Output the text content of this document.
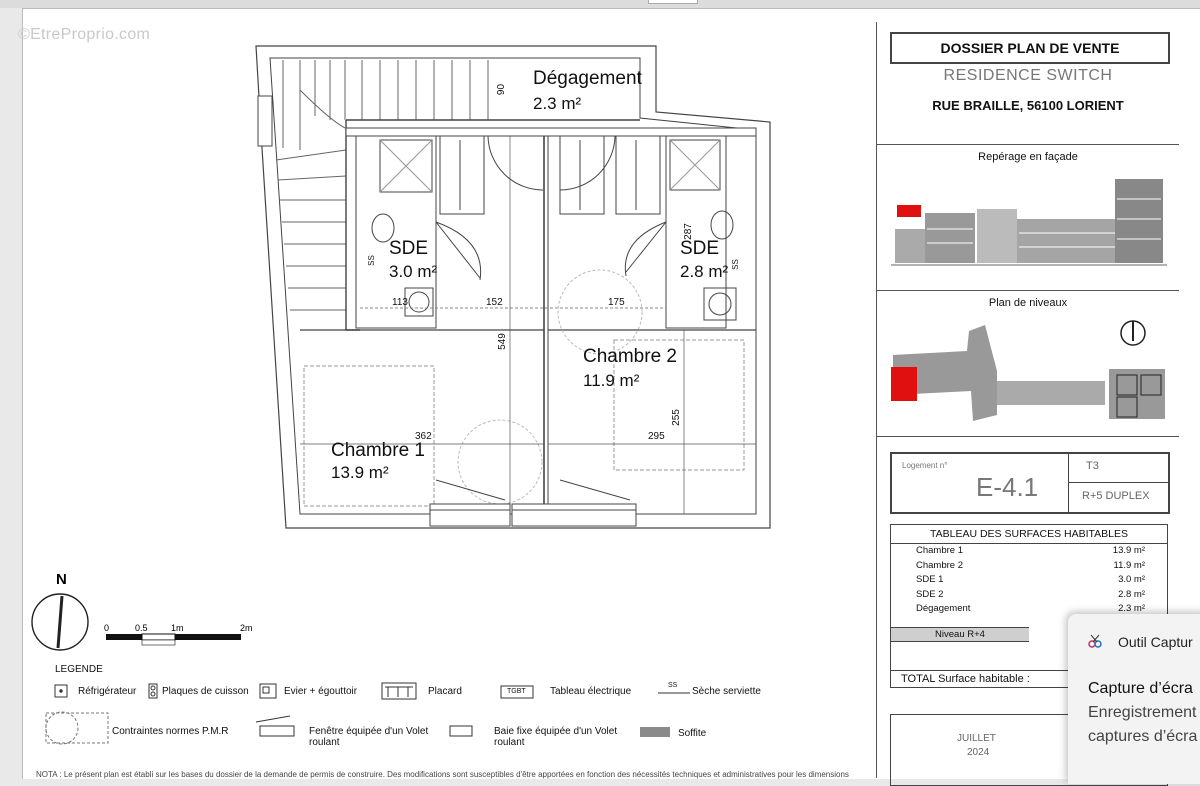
©EtreProprio.com
N
0	0.5	1m	2m
Dégagement
2.3 m²
SDE
3.0 m²
SDE
2.8 m²
Chambre 2
11.9 m²
Chambre 1
13.9 m²
90
113	152	175
287
549
255
362	295
SS	SS
LEGENDE
Réfrigérateur	Plaques de cuisson	Evier + égouttoir	Placard	TGBT Tableau électrique
SS
Sèche serviette
Contraintes normes P.M.R	Fenêtre équipée d'un Volet
roulant
Baie fixe équipée d'un Volet
roulant
Soffite
NOTA : Le présent plan est établi sur les bases du dossier de la demande de permis de construire. Des modifications sont susceptibles d'être apportées en fonction des nécessités techniques et administratives pour les dimensions
DOSSIER PLAN DE VENTE
RESIDENCE SWITCH
RUE BRAILLE, 56100 LORIENT
Repérage en façade
Plan de niveaux
Logement n°
E-4.1
T3
R+5 DUPLEX
TABLEAU DES SURFACES HABITABLES
Chambre 1	13.9 m²
Chambre 2	11.9 m²
SDE 1	3.0 m²
SDE 2	2.8 m²
Dégagement	2.3 m²
Niveau R+4
TOTAL Surface habitable :
JUILLET
2024
Outil Captur
Capture d’écra
Enregistrement
captures d’écra
